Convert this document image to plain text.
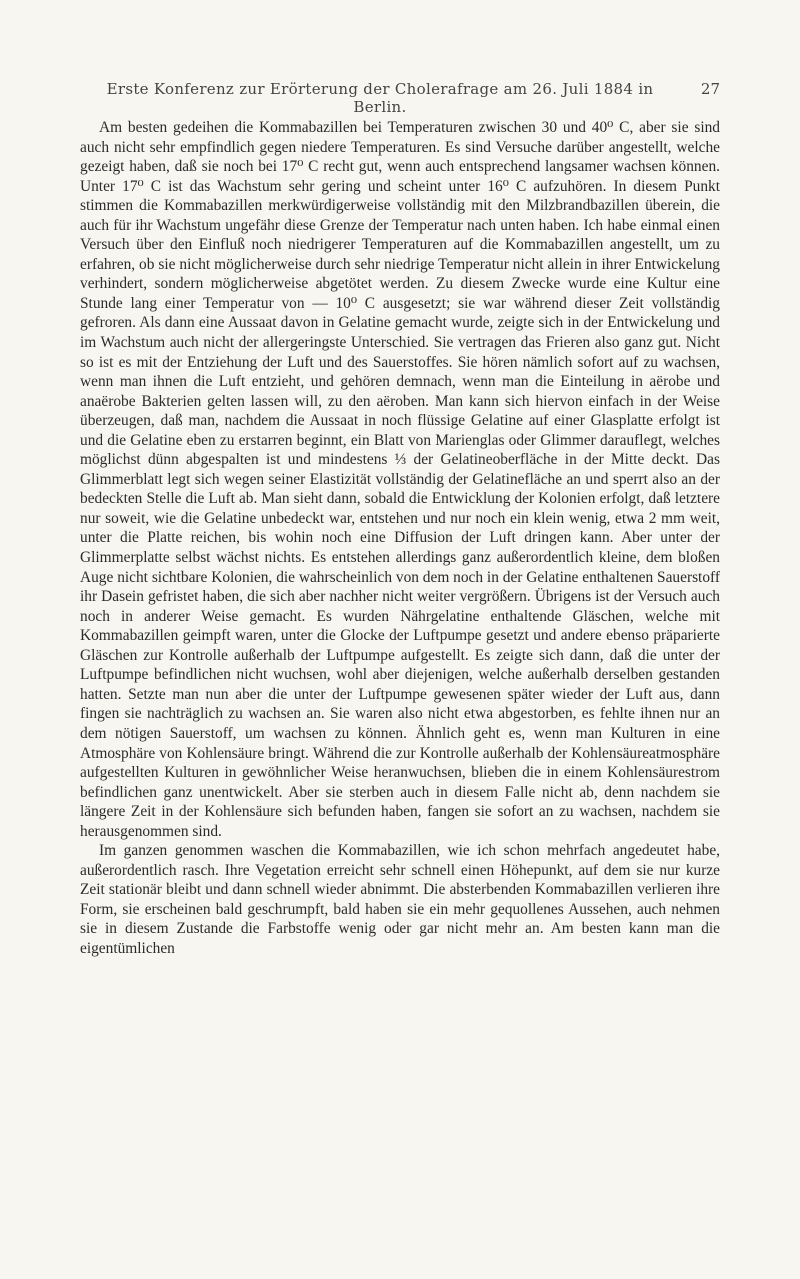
Erste Konferenz zur Erörterung der Cholerafrage am 26. Juli 1884 in Berlin.
27

Am besten gedeihen die Kommabazillen bei Temperaturen zwischen 30 und 40⁰ C, aber sie sind auch nicht sehr empfindlich gegen niedere Temperaturen. Es sind Versuche darüber angestellt, welche gezeigt haben, daß sie noch bei 17⁰ C recht gut, wenn auch entsprechend langsamer wachsen können. Unter 17⁰ C ist das Wachstum sehr gering und scheint unter 16⁰ C aufzuhören. In diesem Punkt stimmen die Kommabazillen merkwürdigerweise vollständig mit den Milzbrandbazillen überein, die auch für ihr Wachstum ungefähr diese Grenze der Temperatur nach unten haben. Ich habe einmal einen Versuch über den Einfluß noch niedrigerer Temperaturen auf die Kommabazillen angestellt, um zu erfahren, ob sie nicht möglicherweise durch sehr niedrige Temperatur nicht allein in ihrer Entwickelung verhindert, sondern möglicherweise abgetötet werden. Zu diesem Zwecke wurde eine Kultur eine Stunde lang einer Temperatur von — 10⁰ C ausgesetzt; sie war während dieser Zeit vollständig gefroren. Als dann eine Aussaat davon in Gelatine gemacht wurde, zeigte sich in der Entwickelung und im Wachstum auch nicht der allergeringste Unterschied. Sie vertragen das Frieren also ganz gut. Nicht so ist es mit der Entziehung der Luft und des Sauerstoffes. Sie hören nämlich sofort auf zu wachsen, wenn man ihnen die Luft entzieht, und gehören demnach, wenn man die Einteilung in aërobe und anaërobe Bakterien gelten lassen will, zu den aëroben. Man kann sich hiervon einfach in der Weise überzeugen, daß man, nachdem die Aussaat in noch flüssige Gelatine auf einer Glasplatte erfolgt ist und die Gelatine eben zu erstarren beginnt, ein Blatt von Marienglas oder Glimmer darauflegt, welches möglichst dünn abgespalten ist und mindestens ⅓ der Gelatineoberfläche in der Mitte deckt. Das Glimmerblatt legt sich wegen seiner Elastizität vollständig der Gelatinefläche an und sperrt also an der bedeckten Stelle die Luft ab. Man sieht dann, sobald die Entwicklung der Kolonien erfolgt, daß letztere nur soweit, wie die Gelatine unbedeckt war, entstehen und nur noch ein klein wenig, etwa 2 mm weit, unter die Platte reichen, bis wohin noch eine Diffusion der Luft dringen kann. Aber unter der Glimmerplatte selbst wächst nichts. Es entstehen allerdings ganz außerordentlich kleine, dem bloßen Auge nicht sichtbare Kolonien, die wahrscheinlich von dem noch in der Gelatine enthaltenen Sauerstoff ihr Dasein gefristet haben, die sich aber nachher nicht weiter vergrößern. Übrigens ist der Versuch auch noch in anderer Weise gemacht. Es wurden Nährgelatine enthaltende Gläschen, welche mit Kommabazillen geimpft waren, unter die Glocke der Luftpumpe gesetzt und andere ebenso präparierte Gläschen zur Kontrolle außerhalb der Luftpumpe aufgestellt. Es zeigte sich dann, daß die unter der Luftpumpe befindlichen nicht wuchsen, wohl aber diejenigen, welche außerhalb derselben gestanden hatten. Setzte man nun aber die unter der Luftpumpe gewesenen später wieder der Luft aus, dann fingen sie nachträglich zu wachsen an. Sie waren also nicht etwa abgestorben, es fehlte ihnen nur an dem nötigen Sauerstoff, um wachsen zu können. Ähnlich geht es, wenn man Kulturen in eine Atmosphäre von Kohlensäure bringt. Während die zur Kontrolle außerhalb der Kohlensäureatmosphäre aufgestellten Kulturen in gewöhnlicher Weise heranwuchsen, blieben die in einem Kohlensäurestrom befindlichen ganz unentwickelt. Aber sie sterben auch in diesem Falle nicht ab, denn nachdem sie längere Zeit in der Kohlensäure sich befunden haben, fangen sie sofort an zu wachsen, nachdem sie herausgenommen sind.

Im ganzen genommen waschen die Kommabazillen, wie ich schon mehrfach angedeutet habe, außerordentlich rasch. Ihre Vegetation erreicht sehr schnell einen Höhepunkt, auf dem sie nur kurze Zeit stationär bleibt und dann schnell wieder abnimmt. Die absterbenden Kommabazillen verlieren ihre Form, sie erscheinen bald geschrumpft, bald haben sie ein mehr gequollenes Aussehen, auch nehmen sie in diesem Zustande die Farbstoffe wenig oder gar nicht mehr an. Am besten kann man die eigentümlichen
